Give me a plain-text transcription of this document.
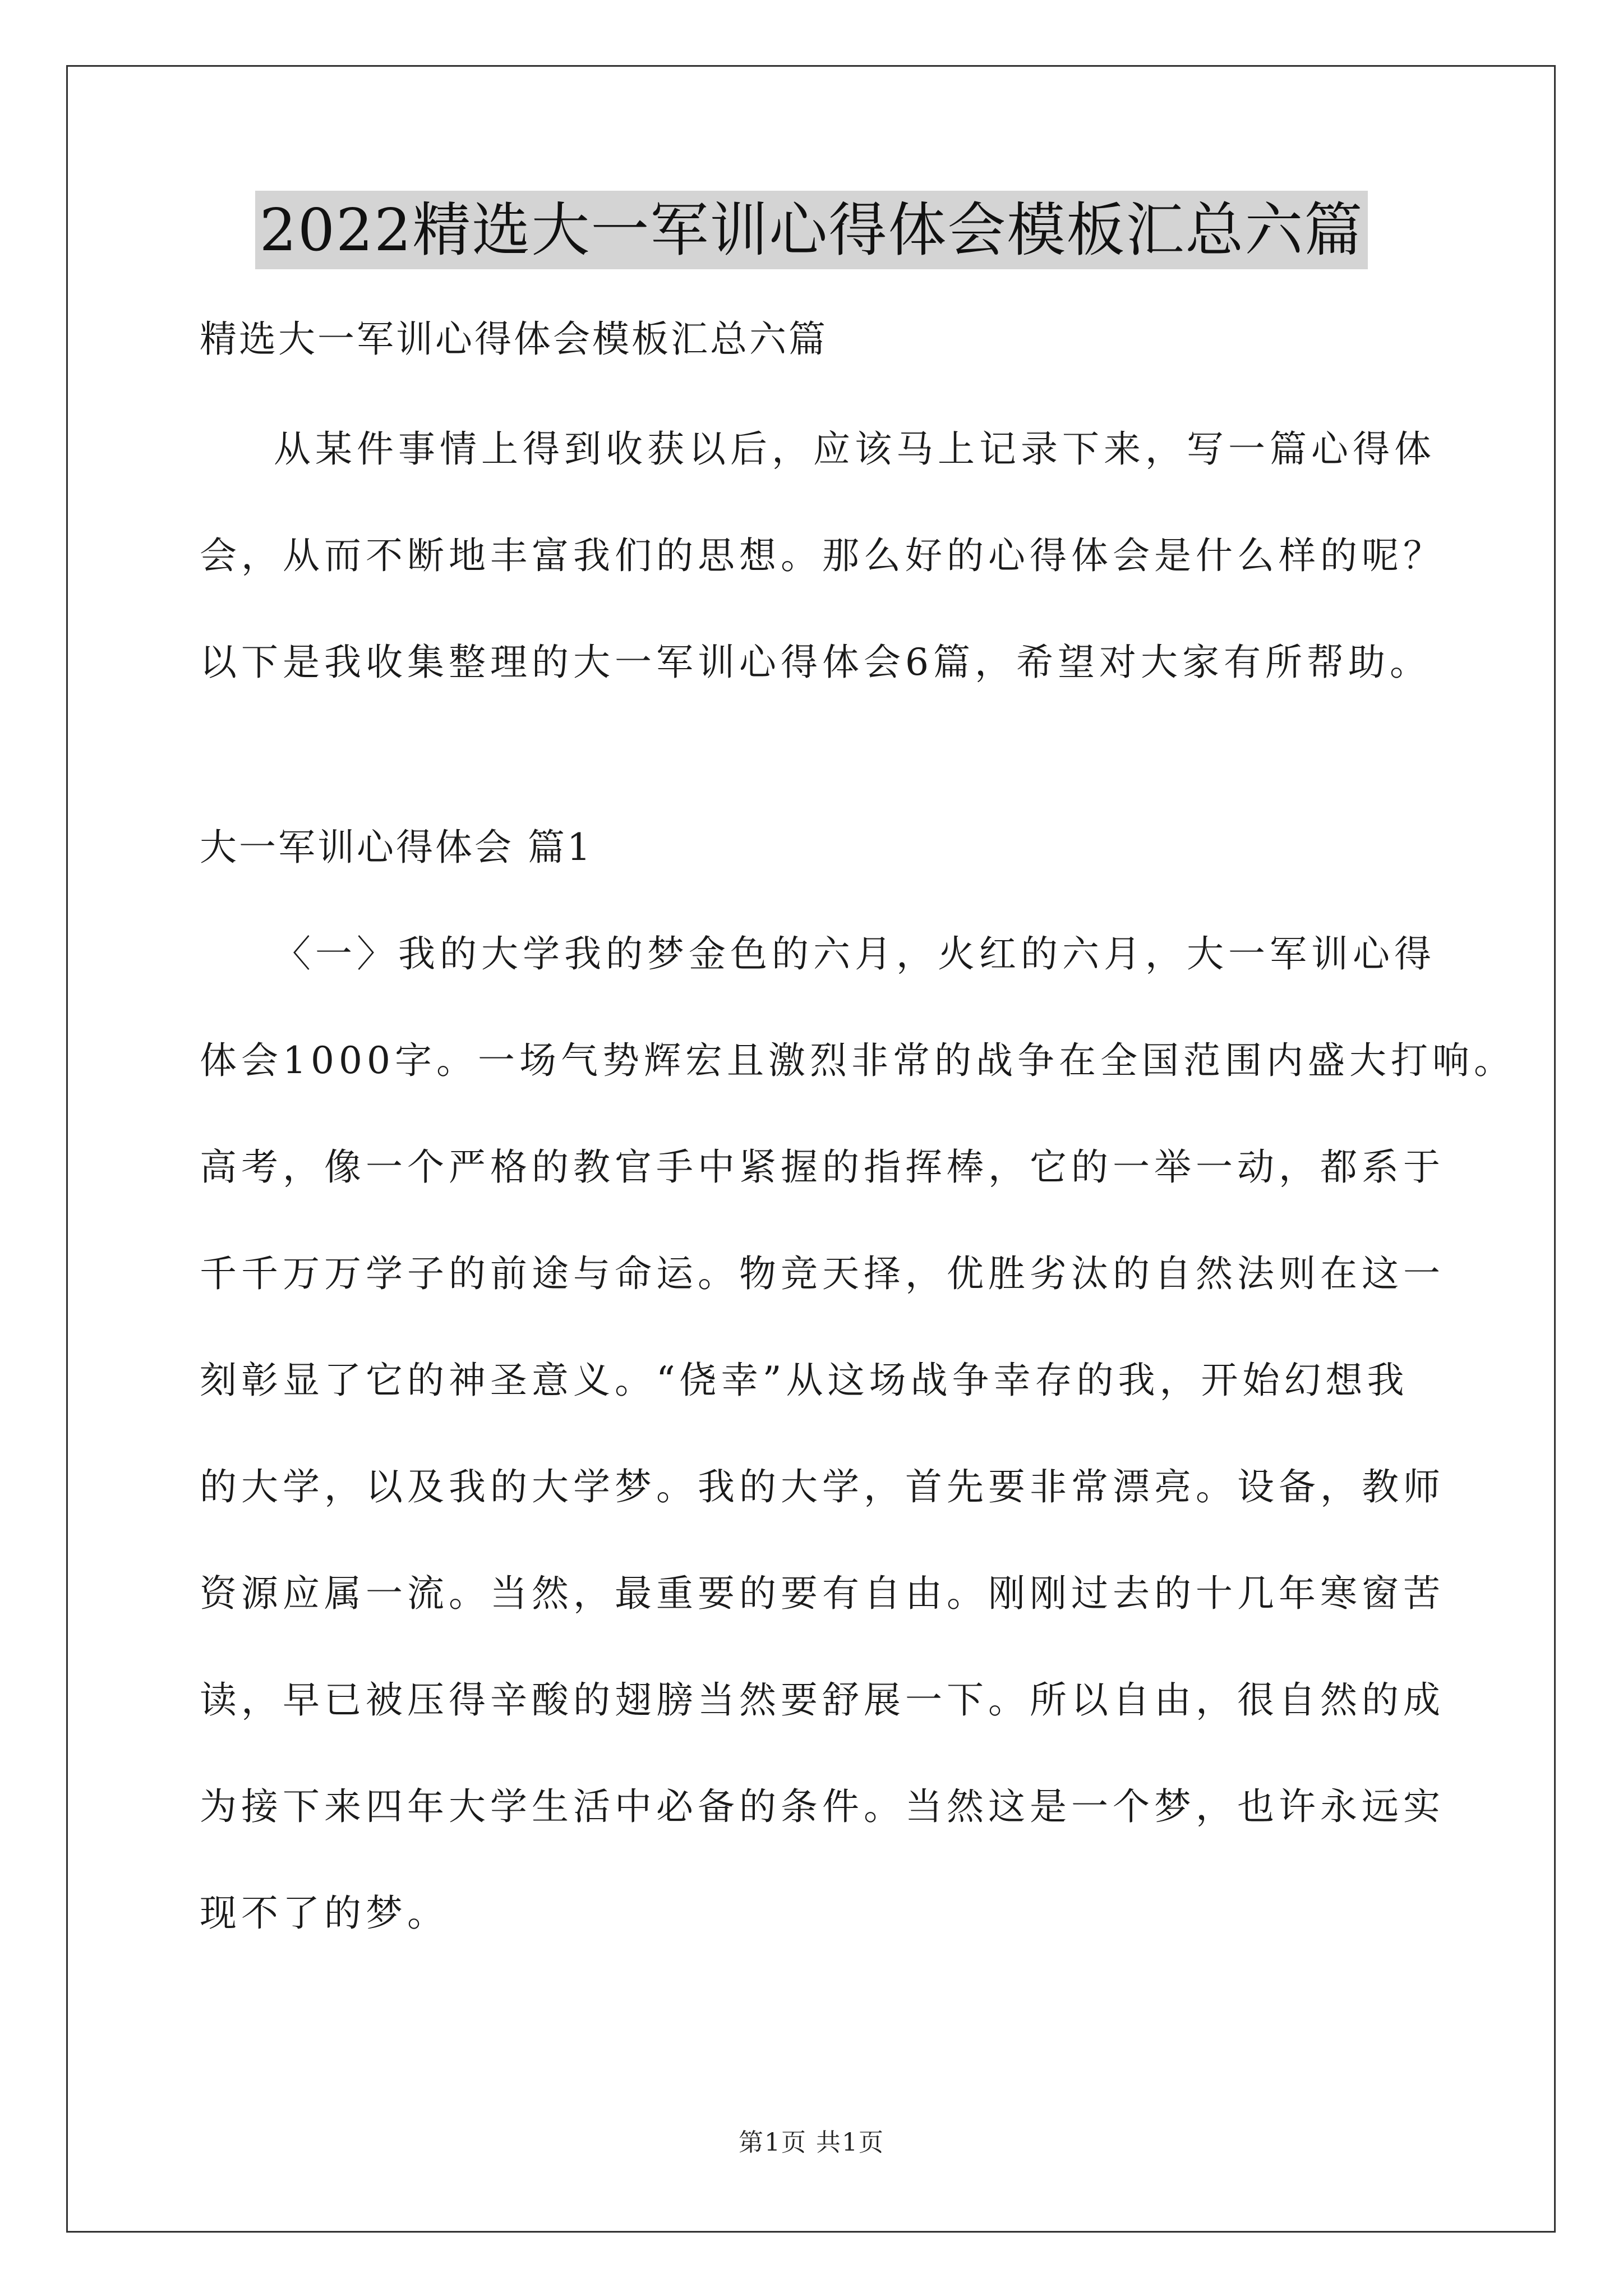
2022精选大一军训心得体会模板汇总六篇
精选大一军训心得体会模板汇总六篇
从某件事情上得到收获以后，应该马上记录下来，写一篇心得体
会，从而不断地丰富我们的思想。那么好的心得体会是什么样的呢？
以下是我收集整理的大一军训心得体会6篇，希望对大家有所帮助。
大一军训心得体会 篇1
〈一〉我的大学我的梦金色的六月，火红的六月，大一军训心得
体会1000字。一场气势辉宏且激烈非常的战争在全国范围内盛大打响。
高考，像一个严格的教官手中紧握的指挥棒，它的一举一动，都系于
千千万万学子的前途与命运。物竞天择，优胜劣汰的自然法则在这一
刻彰显了它的神圣意义。“侥幸”从这场战争幸存的我，开始幻想我
的大学，以及我的大学梦。我的大学，首先要非常漂亮。设备，教师
资源应属一流。当然，最重要的要有自由。刚刚过去的十几年寒窗苦
读，早已被压得辛酸的翅膀当然要舒展一下。所以自由，很自然的成
为接下来四年大学生活中必备的条件。当然这是一个梦，也许永远实
现不了的梦。
第1页 共1页
